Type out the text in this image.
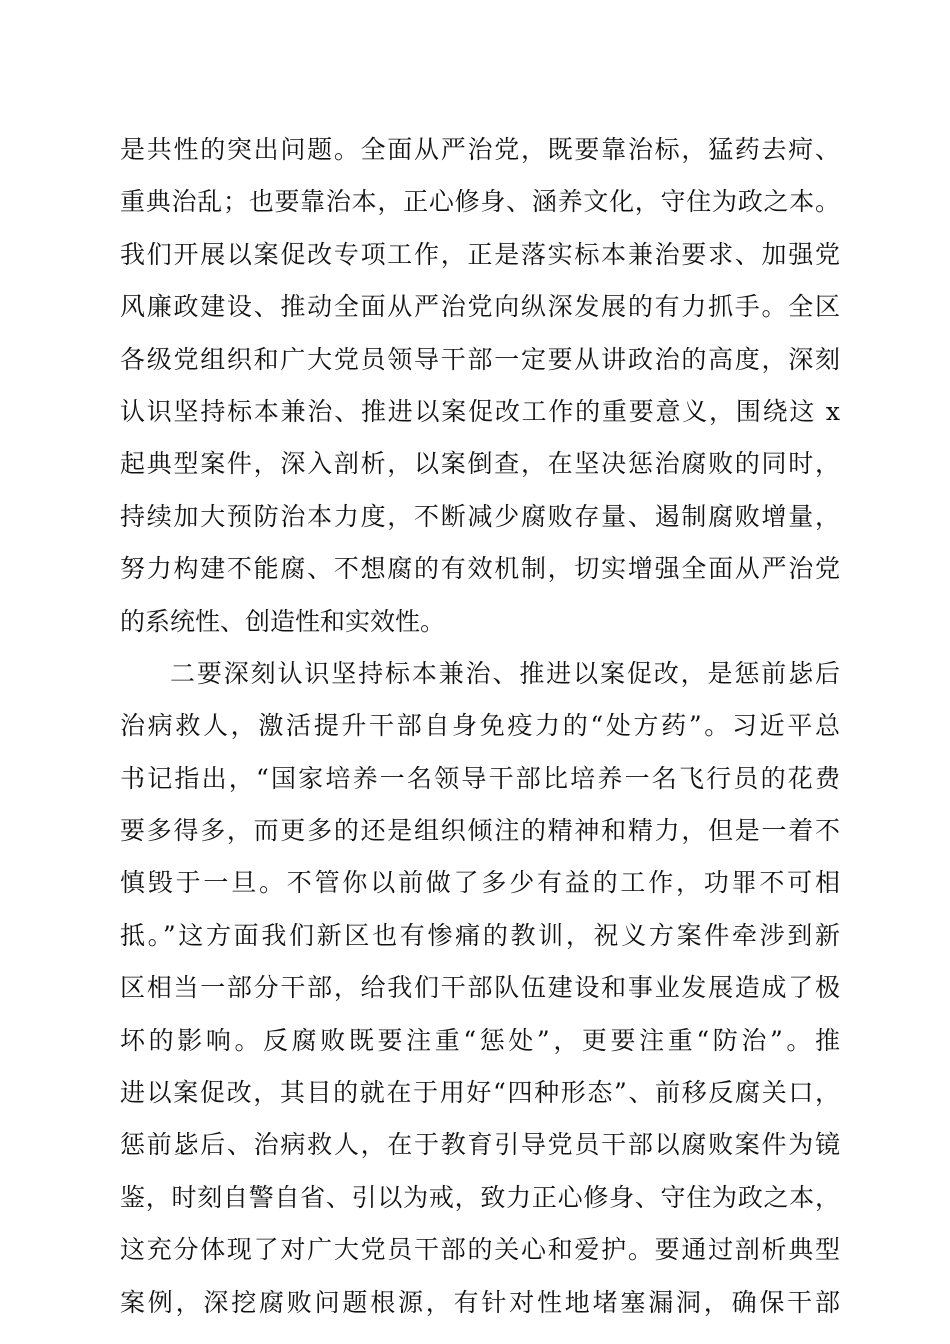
是共性的突出问题。全面从严治党，既要靠治标，猛药去疴、
重典治乱；也要靠治本，正心修身、涵养文化，守住为政之本。
我们开展以案促改专项工作，正是落实标本兼治要求、加强党
风廉政建设、推动全面从严治党向纵深发展的有力抓手。全区
各级党组织和广大党员领导干部一定要从讲政治的高度，深刻
认识坚持标本兼治、推进以案促改工作的重要意义，围绕这 x
起典型案件，深入剖析，以案倒查，在坚决惩治腐败的同时，
持续加大预防治本力度，不断减少腐败存量、遏制腐败增量，
努力构建不能腐、不想腐的有效机制，切实增强全面从严治党
的系统性、创造性和实效性。
二要深刻认识坚持标本兼治、推进以案促改，是惩前毖后
治病救人，激活提升干部自身免疫力的“处方药”。习近平总
书记指出，“国家培养一名领导干部比培养一名飞行员的花费
要多得多，而更多的还是组织倾注的精神和精力，但是一着不
慎毁于一旦。不管你以前做了多少有益的工作，功罪不可相
抵。”这方面我们新区也有惨痛的教训，祝义方案件牵涉到新
区相当一部分干部，给我们干部队伍建设和事业发展造成了极
坏的影响。反腐败既要注重“惩处”，更要注重“防治”。推
进以案促改，其目的就在于用好“四种形态”、前移反腐关口，
惩前毖后、治病救人，在于教育引导党员干部以腐败案件为镜
鉴，时刻自警自省、引以为戒，致力正心修身、守住为政之本，
这充分体现了对广大党员干部的关心和爱护。要通过剖析典型
案例，深挖腐败问题根源，有针对性地堵塞漏洞，确保干部
